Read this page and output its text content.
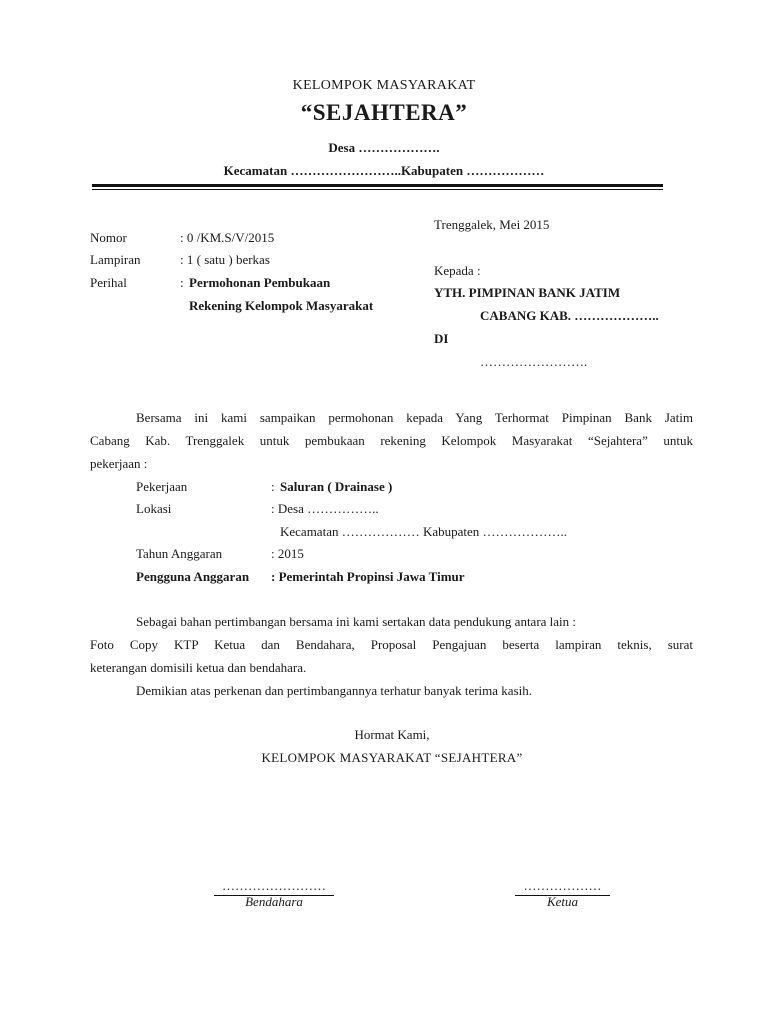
KELOMPOK MASYARAKAT
“SEJAHTERA”
Desa ……………….
Kecamatan ……………………..Kabupaten ………………
Trenggalek, Mei 2015
Nomor	: 0 /KM.S/V/2015
Lampiran	: 1 ( satu ) berkas
Perihal	: Permohonan Pembukaan
Rekening Kelompok Masyarakat
Kepada :
YTH. PIMPINAN BANK JATIM
CABANG KAB. ………………..
DI
…………………….
Bersama ini kami sampaikan permohonan kepada Yang Terhormat Pimpinan Bank Jatim
Cabang Kab. Trenggalek untuk pembukaan rekening Kelompok Masyarakat “Sejahtera” untuk
pekerjaan :
Pekerjaan	: Saluran ( Drainase )
Lokasi	: Desa ……………..
Kecamatan ……………… Kabupaten ………………..
Tahun Anggaran	: 2015
Pengguna Anggaran : Pemerintah Propinsi Jawa Timur
Sebagai bahan pertimbangan bersama ini kami sertakan data pendukung antara lain :
Foto Copy KTP Ketua dan Bendahara, Proposal Pengajuan beserta lampiran teknis, surat
keterangan domisili ketua dan bendahara.
Demikian atas perkenan dan pertimbangannya terhatur banyak terima kasih.
Hormat Kami,
KELOMPOK MASYARAKAT “SEJAHTERA”
……………………
Bendahara
………………
Ketua
